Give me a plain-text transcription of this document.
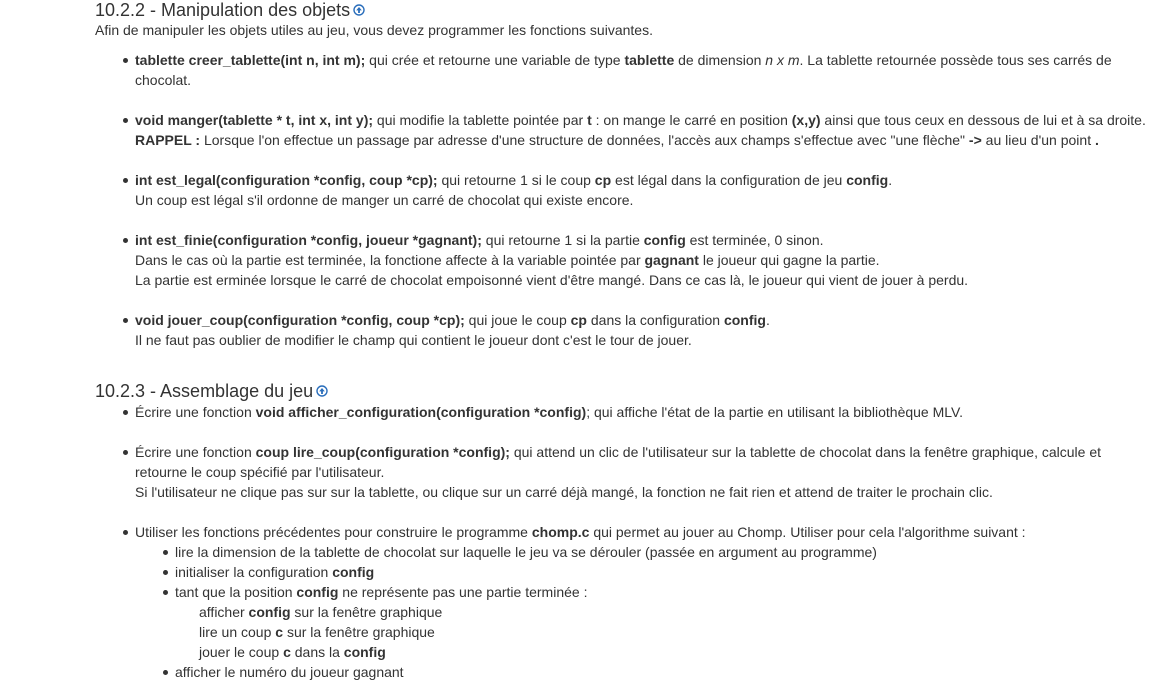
10.2.2 - Manipulation des objets

Afin de manipuler les objets utiles au jeu, vous devez programmer les fonctions suivantes.

tablette creer_tablette(int n, int m); qui crée et retourne une variable de type tablette de dimension n x m. La tablette retournée possède tous ses carrés de chocolat.
void manger(tablette * t, int x, int y); qui modifie la tablette pointée par t : on mange le carré en position (x,y) ainsi que tous ceux en dessous de lui et à sa droite.
RAPPEL : Lorsque l'on effectue un passage par adresse d'une structure de données, l'accès aux champs s'effectue avec "une flèche" -> au lieu d'un point .
int est_legal(configuration *config, coup *cp); qui retourne 1 si le coup cp est légal dans la configuration de jeu config.
Un coup est légal s'il ordonne de manger un carré de chocolat qui existe encore.
int est_finie(configuration *config, joueur *gagnant); qui retourne 1 si la partie config est terminée, 0 sinon.
Dans le cas où la partie est terminée, la fonctione affecte à la variable pointée par gagnant le joueur qui gagne la partie.
La partie est erminée lorsque le carré de chocolat empoisonné vient d'être mangé. Dans ce cas là, le joueur qui vient de jouer à perdu.
void jouer_coup(configuration *config, coup *cp); qui joue le coup cp dans la configuration config.
Il ne faut pas oublier de modifier le champ qui contient le joueur dont c'est le tour de jouer.
10.2.3 - Assemblage du jeu
Écrire une fonction void afficher_configuration(configuration *config); qui affiche l'état de la partie en utilisant la bibliothèque MLV.
Écrire une fonction coup lire_coup(configuration *config); qui attend un clic de l'utilisateur sur la tablette de chocolat dans la fenêtre graphique, calcule et retourne le coup spécifié par l'utilisateur.
Si l'utilisateur ne clique pas sur sur la tablette, ou clique sur un carré déjà mangé, la fonction ne fait rien et attend de traiter le prochain clic.
Utiliser les fonctions précédentes pour construire le programme chomp.c qui permet au jouer au Chomp. Utiliser pour cela l'algorithme suivant :
lire la dimension de la tablette de chocolat sur laquelle le jeu va se dérouler (passée en argument au programme)
initialiser la configuration config
tant que la position config ne représente pas une partie terminée :
afficher config sur la fenêtre graphique
lire un coup c sur la fenêtre graphique
jouer le coup c dans la config
afficher le numéro du joueur gagnant
